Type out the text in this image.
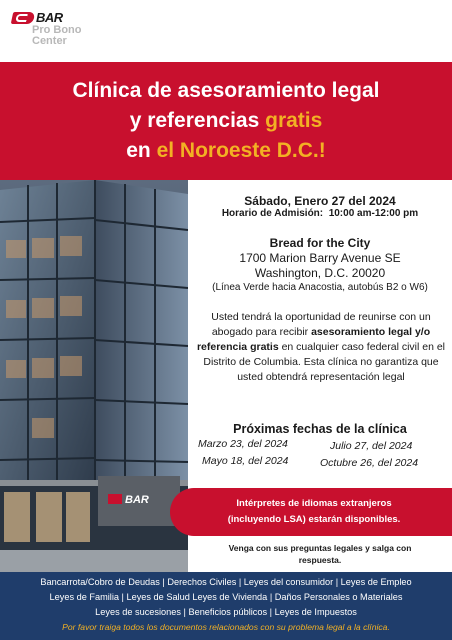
BAR
Pro Bono
Center
Clínica de asesoramiento legal
y referencias gratis
en el Noroeste D.C.!
BAR
Sábado, Enero 27 del 2024
Horario de Admisión: 10:00 am-12:00 pm
Bread for the City
1700 Marion Barry Avenue SE
Washington, D.C. 20020
(Línea Verde hacia Anacostia, autobús B2 o W6)
Usted tendrá la oportunidad de reunirse con un abogado para recibir asesoramiento legal y/o referencia gratis en cualquier caso federal civil en el Distrito de Columbia. Esta clínica no garantiza que usted obtendrá representación legal
Próximas fechas de la clínica
Marzo 23, del 2024	Julio 27, del 2024
Mayo 18, del 2024	Octubre 26, del 2024
Intérpretes de idiomas extranjeros
(incluyendo LSA) estarán disponibles.
Venga con sus preguntas legales y salga con
respuesta.
Bancarrota/Cobro de Deudas | Derechos Civiles | Leyes del consumidor | Leyes de Empleo
Leyes de Familia | Leyes de Salud Leyes de Vivienda | Daños Personales o Materiales
Leyes de sucesiones | Beneficios públicos | Leyes de Impuestos
Por favor traiga todos los documentos relacionados con su problema legal a la clínica.
